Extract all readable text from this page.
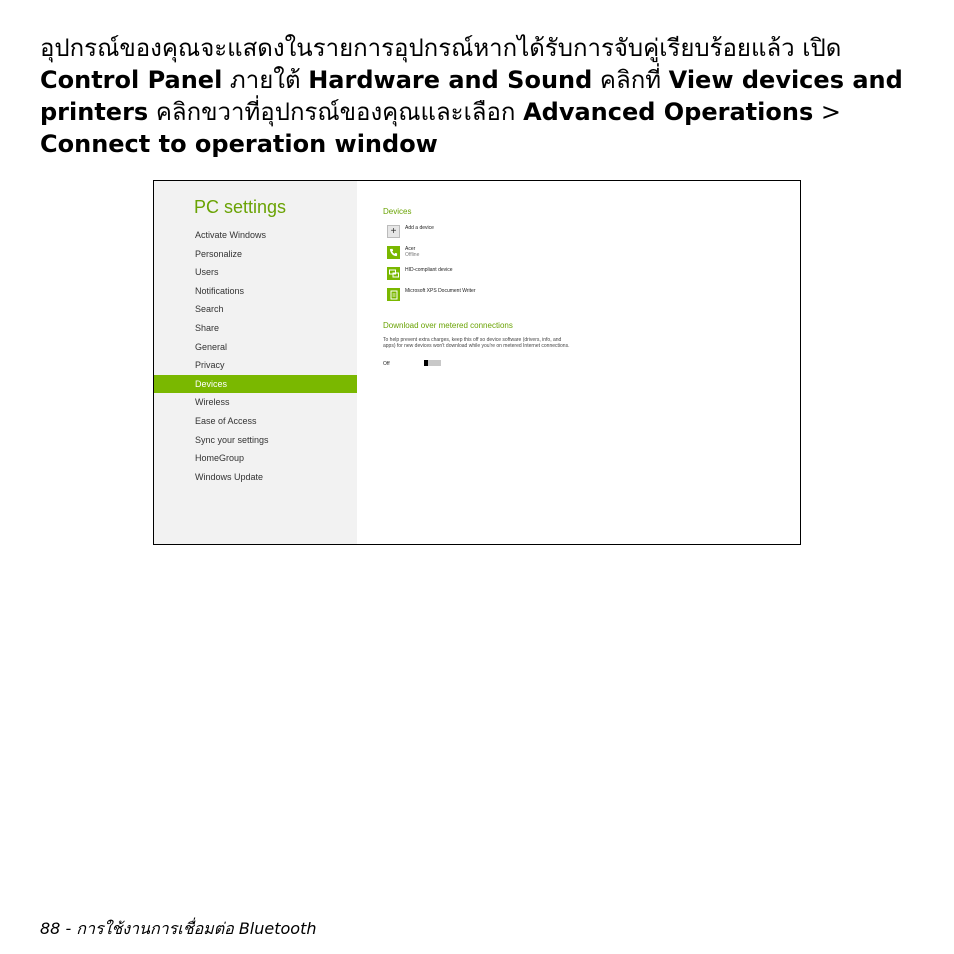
อุปกรณ์ของคุณจะแสดงในรายการอุปกรณ์หากได้รับการจับคู่เรียบร้อยแล้ว เปิด Control Panel ภายใต้ Hardware and Sound คลิกที่ View devices and printers คลิกขวาที่อุปกรณ์ของคุณและเลือก Advanced Operations > Connect to operation window

PC settings
Activate Windows
Personalize
Users
Notifications
Search
Share
General
Privacy
Devices
Wireless
Ease of Access
Sync your settings
HomeGroup
Windows Update
Devices
+	Add a device
Acer
Offline
HID-compliant device
Microsoft XPS Document Writer
Download over metered connections

To help prevent extra charges, keep this off so device software (drivers, info, and apps) for new devices won't download while you're on metered Internet connections.

Off
88 - การใช้งานการเชื่อมต่อ Bluetooth
